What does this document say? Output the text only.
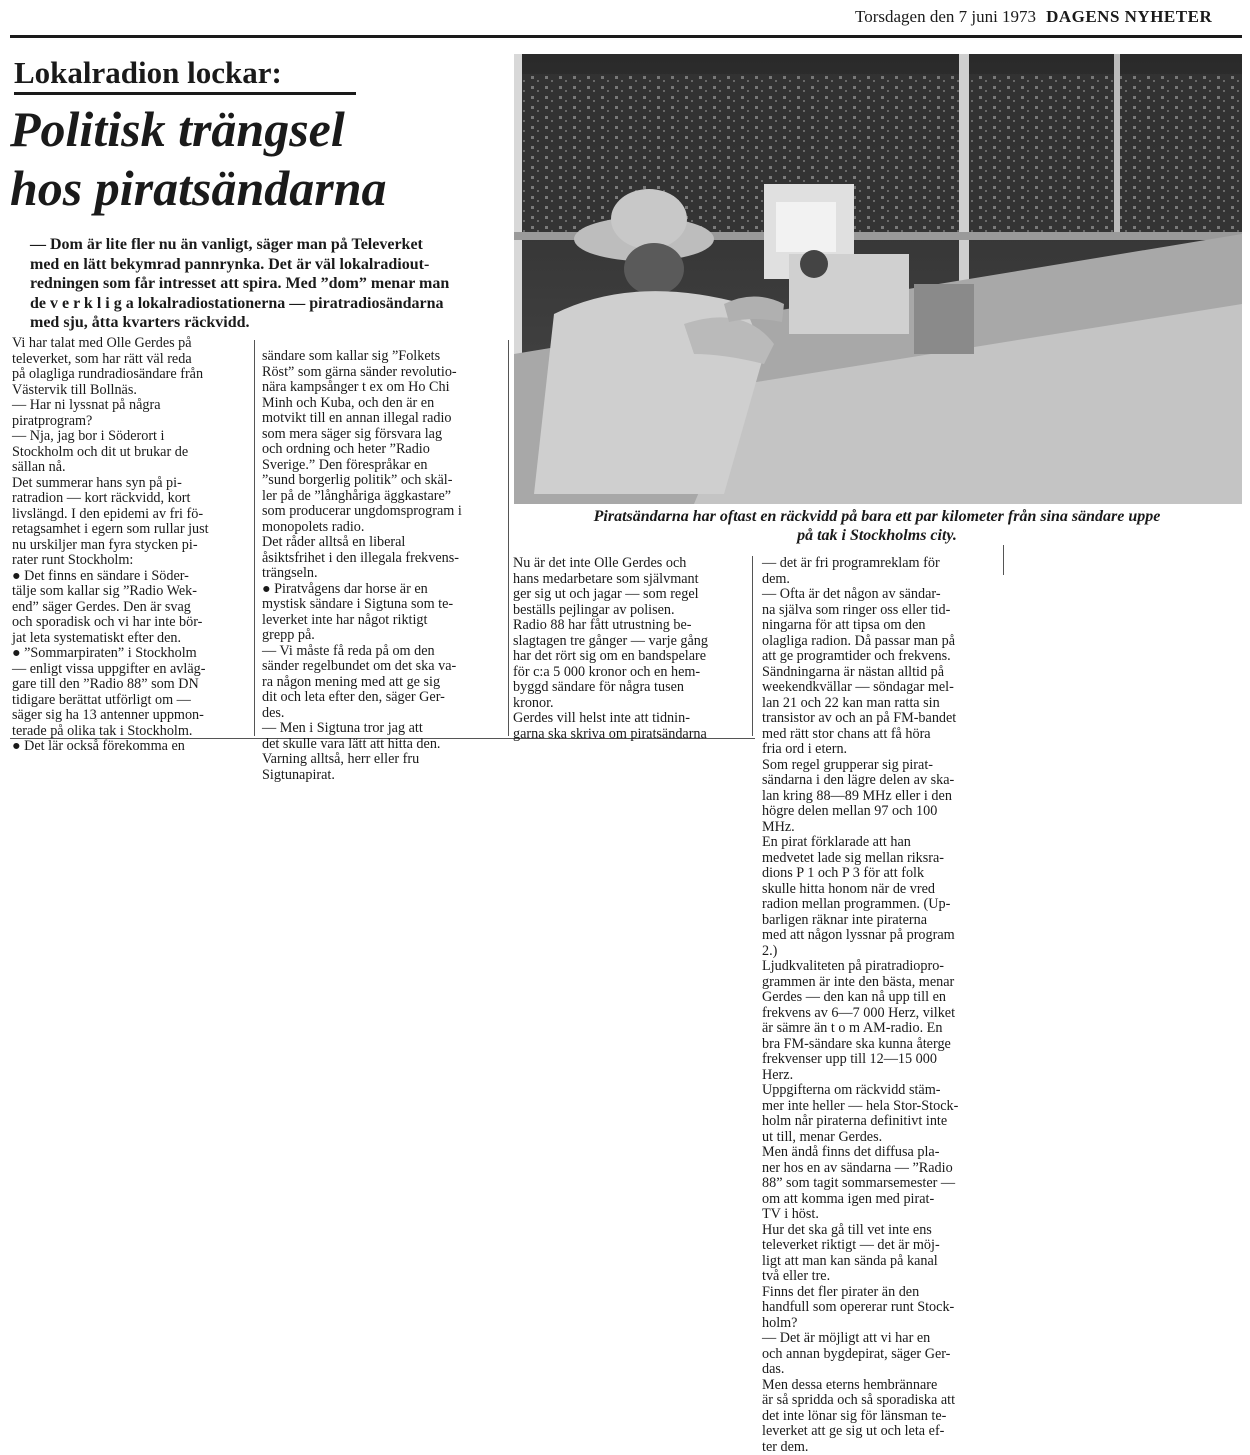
Torsdagen den 7 juni 1973 DAGENS NYHETER
Lokalradion lockar:
Politisk trängsel
hos piratsändarna
— Dom är lite fler nu än vanligt, säger man på Televerket
med en lätt bekymrad pannrynka. Det är väl lokalradiout-
redningen som får intresset att spira. Med ”dom” menar man
de v e r k l i g a lokalradiostationerna — piratradiosändarna
med sju, åtta kvarters räckvidd.
Piratsändarna har oftast en räckvidd på bara ett par kilometer från sina sändare uppe
på tak i Stockholms city.
Vi har talat med Olle Gerdes på
televerket, som har rätt väl reda
på olagliga rundradiosändare från
Västervik till Bollnäs.
— Har ni lyssnat på några
piratprogram?
— Nja, jag bor i Söderort i
Stockholm och dit ut brukar de
sällan nå.
Det summerar hans syn på pi-
ratradion — kort räckvidd, kort
livslängd. I den epidemi av fri fö-
retagsamhet i egern som rullar just
nu urskiljer man fyra stycken pi-
rater runt Stockholm:
● Det finns en sändare i Söder-
tälje som kallar sig ”Radio Wek-
end” säger Gerdes. Den är svag
och sporadisk och vi har inte bör-
jat leta systematiskt efter den.
● ”Sommarpiraten” i Stockholm
— enligt vissa uppgifter en avläg-
gare till den ”Radio 88” som DN
tidigare berättat utförligt om —
säger sig ha 13 antenner uppmon-
terade på olika tak i Stockholm.
● Det lär också förekomma en
sändare som kallar sig ”Folkets
Röst” som gärna sänder revolutio-
nära kampsånger t ex om Ho Chi
Minh och Kuba, och den är en
motvikt till en annan illegal radio
som mera säger sig försvara lag
och ordning och heter ”Radio
Sverige.” Den förespråkar en
”sund borgerlig politik” och skäl-
ler på de ”långhåriga äggkastare”
som producerar ungdomsprogram i
monopolets radio.
Det råder alltså en liberal
åsiktsfrihet i den illegala frekvens-
trängseln.
● Piratvågens dar horse är en
mystisk sändare i Sigtuna som te-
leverket inte har något riktigt
grepp på.
— Vi måste få reda på om den
sänder regelbundet om det ska va-
ra någon mening med att ge sig
dit och leta efter den, säger Ger-
des.
— Men i Sigtuna tror jag att
det skulle vara lätt att hitta den.
Varning alltså, herr eller fru
Sigtunapirat.
Nu är det inte Olle Gerdes och
hans medarbetare som självmant
ger sig ut och jagar — som regel
beställs pejlingar av polisen.
Radio 88 har fått utrustning be-
slagtagen tre gånger — varje gång
har det rört sig om en bandspelare
för c:a 5 000 kronor och en hem-
byggd sändare för några tusen
kronor.
Gerdes vill helst inte att tidnin-
garna ska skriva om piratsändarna
— det är fri programreklam för
dem.
— Ofta är det någon av sändar-
na själva som ringer oss eller tid-
ningarna för att tipsa om den
olagliga radion. Då passar man på
att ge programtider och frekvens.
Sändningarna är nästan alltid på
weekendkvällar — söndagar mel-
lan 21 och 22 kan man ratta sin
transistor av och an på FM-bandet
med rätt stor chans att få höra
fria ord i etern.
Som regel grupperar sig pirat-
sändarna i den lägre delen av ska-
lan kring 88—89 MHz eller i den
högre delen mellan 97 och 100
MHz.
En pirat förklarade att han
medvetet lade sig mellan riksra-
dions P 1 och P 3 för att folk
skulle hitta honom när de vred
radion mellan programmen. (Up-
barligen räknar inte piraterna
med att någon lyssnar på program
2.)
Ljudkvaliteten på piratradiopro-
grammen är inte den bästa, menar
Gerdes — den kan nå upp till en
frekvens av 6—7 000 Herz, vilket
är sämre än t o m AM-radio. En
bra FM-sändare ska kunna återge
frekvenser upp till 12—15 000
Herz.
Uppgifterna om räckvidd stäm-
mer inte heller — hela Stor-Stock-
holm når piraterna definitivt inte
ut till, menar Gerdes.
Men ändå finns det diffusa pla-
ner hos en av sändarna — ”Radio
88” som tagit sommarsemester —
om att komma igen med pirat-
TV i höst.
Hur det ska gå till vet inte ens
televerket riktigt — det är möj-
ligt att man kan sända på kanal
två eller tre.
Finns det fler pirater än den
handfull som opererar runt Stock-
holm?
— Det är möjligt att vi har en
och annan bygdepirat, säger Ger-
das.
Men dessa eterns hembrännare
är så spridda och så sporadiska att
det inte lönar sig för länsman te-
leverket att ge sig ut och leta ef-
ter dem.
